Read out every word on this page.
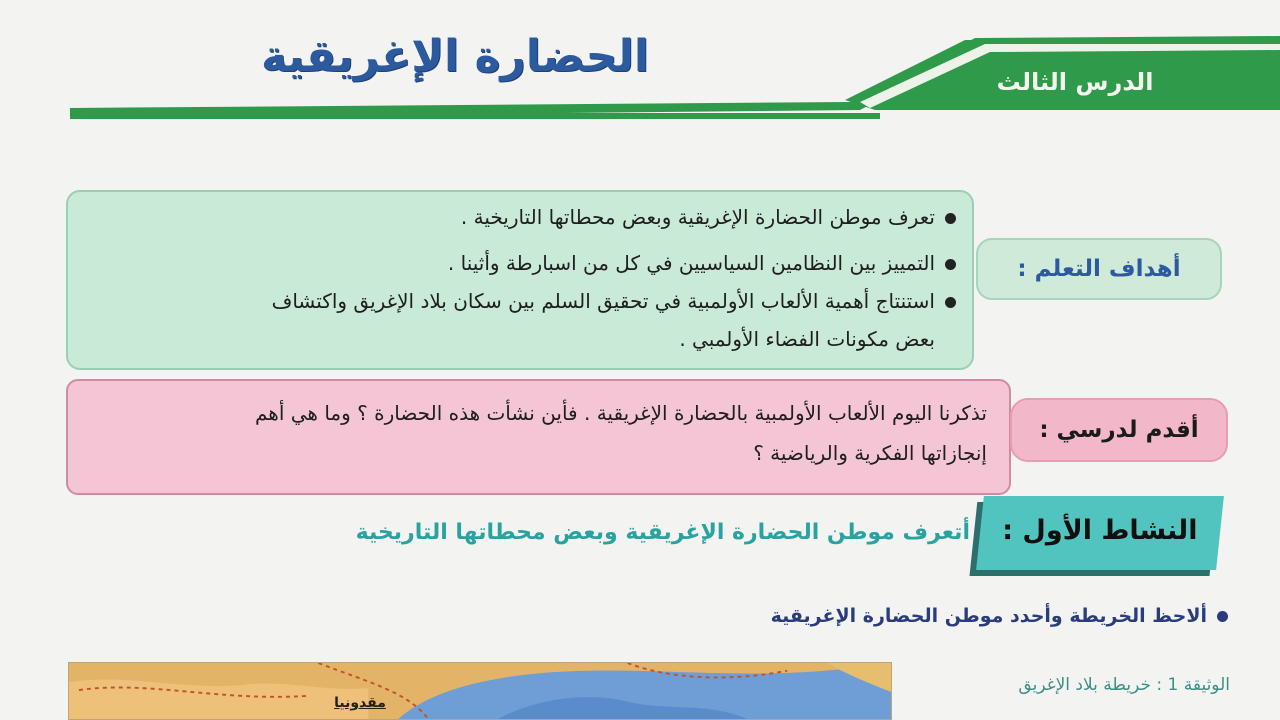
الحضارة الإغريقية	الدرس الثالث
تعرف موطن الحضارة الإغريقية وبعض محطاتها التاريخية .
التمييز بين النظامين السياسيين في كل من اسبارطة وأثينا .
استنتاج أهمية الألعاب الأولمبية في تحقيق السلم بين سكان بلاد الإغريق واكتشاف
بعض مكونات الفضاء الأولمبي .
أهداف التعلم :
تذكرنا اليوم الألعاب الأولمبية بالحضارة الإغريقية . فأين نشأت هذه الحضارة ؟ وما هي أهم
إنجازاتها الفكرية والرياضية ؟
أقدم لدرسي :
النشاط الأول :
أتعرف موطن الحضارة الإغريقية وبعض محطاتها التاريخية
ألاحظ الخريطة وأحدد موطن الحضارة الإغريقية
الوثيقة 1 : خريطة بلاد الإغريق
مقدونيا
